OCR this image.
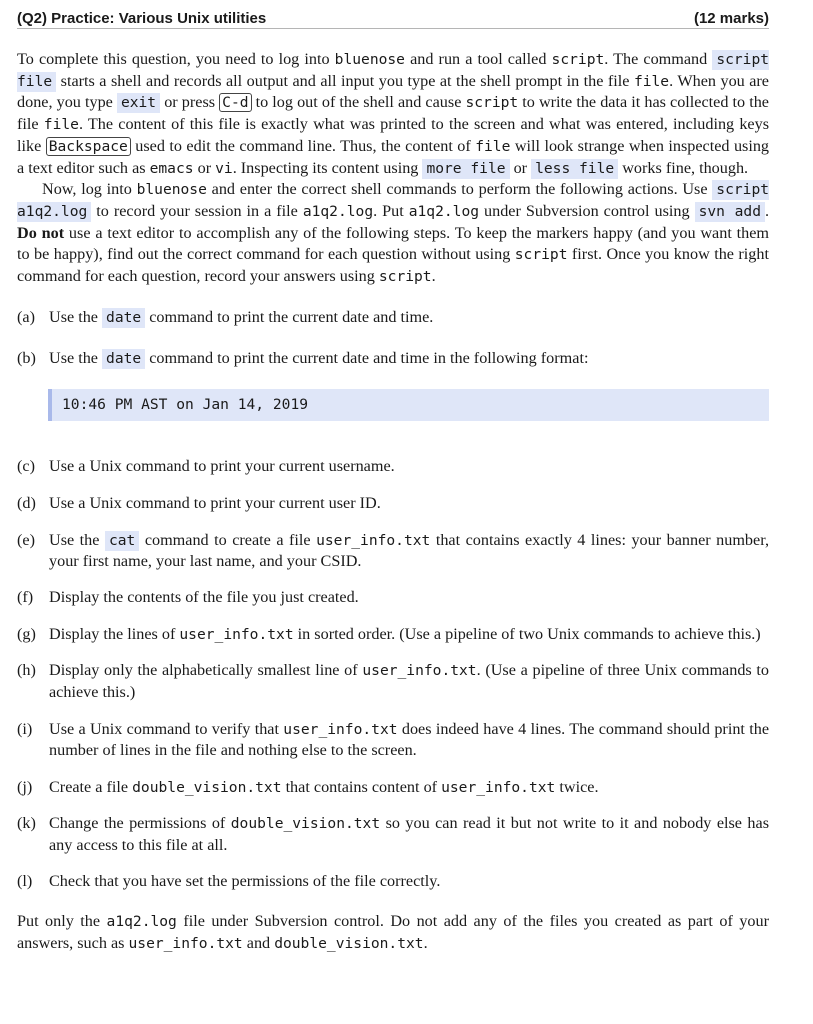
(Q2) Practice: Various Unix utilities	(12 marks)

To complete this question, you need to log into bluenose and run a tool called script. The command script file starts a shell and records all output and all input you type at the shell prompt in the file file. When you are done, you type exit or press C-d to log out of the shell and cause script to write the data it has collected to the file file. The content of this file is exactly what was printed to the screen and what was entered, including keys like Backspace used to edit the command line. Thus, the content of file will look strange when inspected using a text editor such as emacs or vi. Inspecting its content using more file or less file works fine, though.

Now, log into bluenose and enter the correct shell commands to perform the following actions. Use script a1q2.log to record your session in a file a1q2.log. Put a1q2.log under Subversion control using svn add . Do not use a text editor to accomplish any of the following steps. To keep the markers happy (and you want them to be happy), find out the correct command for each question without using script first. Once you know the right command for each question, record your answers using script.

(a) Use the date command to print the current date and time.
(b) Use the date command to print the current date and time in the following format:
10:46 PM AST on Jan 14, 2019
(c) Use a Unix command to print your current username.
(d) Use a Unix command to print your current user ID.
(e) Use the cat command to create a file user_info.txt that contains exactly 4 lines: your banner number, your first name, your last name, and your CSID.
(f) Display the contents of the file you just created.
(g) Display the lines of user_info.txt in sorted order. (Use a pipeline of two Unix commands to achieve this.)
(h) Display only the alphabetically smallest line of user_info.txt. (Use a pipeline of three Unix commands to achieve this.)
(i)	Use a Unix command to verify that user_info.txt does indeed have 4 lines. The command should print the number of lines in the file and nothing else to the screen.
(j)	Create a file double_vision.txt that contains content of user_info.txt twice.
(k) Change the permissions of double_vision.txt so you can read it but not write to it and nobody else has any access to this file at all.
(l)	Check that you have set the permissions of the file correctly.

Put only the a1q2.log file under Subversion control. Do not add any of the files you created as part of your answers, such as user_info.txt and double_vision.txt.
